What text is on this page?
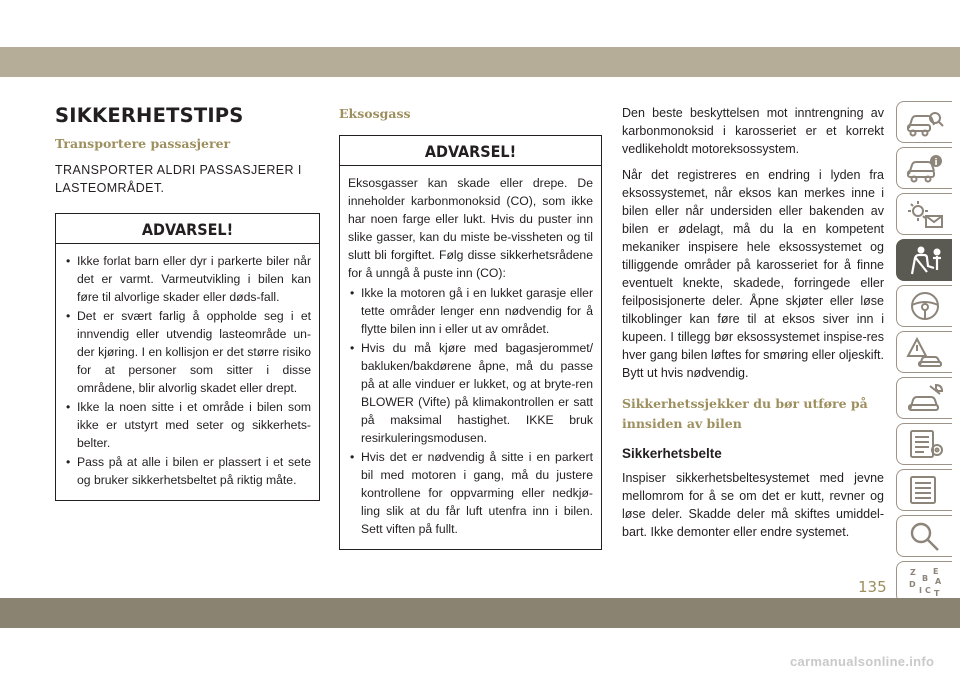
SIKKERHETSTIPS
Transportere passasjerer

TRANSPORTER ALDRI PASSASJERER I LASTEOMRÅDET.

ADVARSEL!
• Ikke forlat barn eller dyr i parkerte biler når det er varmt. Varmeutvikling i bilen kan føre til alvorlige skader eller døds-fall.
• Det er svært farlig å oppholde seg i et innvendig eller utvendig lasteområde un-der kjøring. I en kollisjon er det større risiko for at personer som sitter i disse områdene, blir alvorlig skadet eller drept.
• Ikke la noen sitte i et område i bilen som ikke er utstyrt med seter og sikkerhets-belter.
• Pass på at alle i bilen er plassert i et sete og bruker sikkerhetsbeltet på riktig måte.
Eksosgass
ADVARSEL!

Eksosgasser kan skade eller drepe. De inneholder karbonmonoksid (CO), som ikke har noen farge eller lukt. Hvis du puster inn slike gasser, kan du miste be-vissheten og til slutt bli forgiftet. Følg disse sikkerhetsrådene for å unngå å puste inn (CO):

• Ikke la motoren gå i en lukket garasje eller tette områder lenger enn nødvendig for å flytte bilen inn i eller ut av området.
• Hvis du må kjøre med bagasjerommet/ bakluken/bakdørene åpne, må du passe på at alle vinduer er lukket, og at bryte-ren BLOWER (Vifte) på klimakontrollen er satt på maksimal hastighet. IKKE bruk resirkuleringsmodusen.
• Hvis det er nødvendig å sitte i en parkert bil med motoren i gang, må du justere kontrollene for oppvarming eller nedkjø-ling slik at du får luft utenfra inn i bilen. Sett viften på fullt.

Den beste beskyttelsen mot inntrengning av karbonmonoksid i karosseriet er et korrekt vedlikeholdt motoreksossystem.

Når det registreres en endring i lyden fra eksossystemet, når eksos kan merkes inne i bilen eller når undersiden eller bakenden av bilen er ødelagt, må du la en kompetent mekaniker inspisere hele eksossystemet og tilliggende områder på karosseriet for å finne eventuelt knekte, skadede, forringede eller feilposisjonerte deler. Åpne skjøter eller løse tilkoblinger kan føre til at eksos siver inn i kupeen. I tillegg bør eksossystemet inspise-res hver gang bilen løftes for smøring eller oljeskift. Bytt ut hvis nødvendig.

Sikkerhetssjekker du bør utføre på innsiden av bilen
Sikkerhetsbelte

Inspiser sikkerhetsbeltesystemet med jevne mellomrom for å se om det er kutt, revner og løse deler. Skadde deler må skiftes umiddel-bart. Ikke demonter eller endre systemet.

i
Z E
B A
D
I C T
135
carmanualsonline.info
